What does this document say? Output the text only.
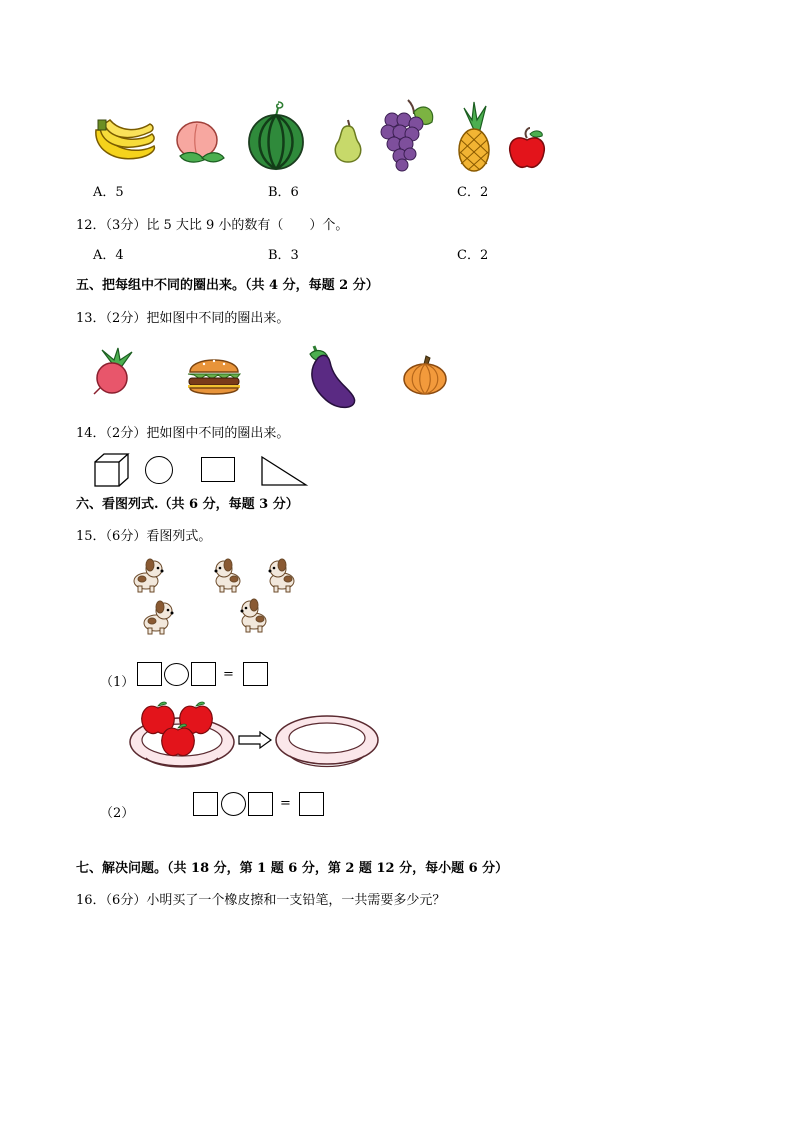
A．5	B．6	C．2
12．（3分）比 5 大比 9 小的数有（　　）个。
A．4	B．3	C．2
五、把每组中不同的圈出来。（共 4 分，每题 2 分）
13．（2分）把如图中不同的圈出来。
14．（2分）把如图中不同的圈出来。
六、看图列式.（共 6 分，每题 3 分）
15．（6分）看图列式。
（1）
=
（2）
=
七、解决问题。（共 18 分，第 1 题 6 分，第 2 题 12 分，每小题 6 分）
16．（6分）小明买了一个橡皮擦和一支铅笔，一共需要多少元？
